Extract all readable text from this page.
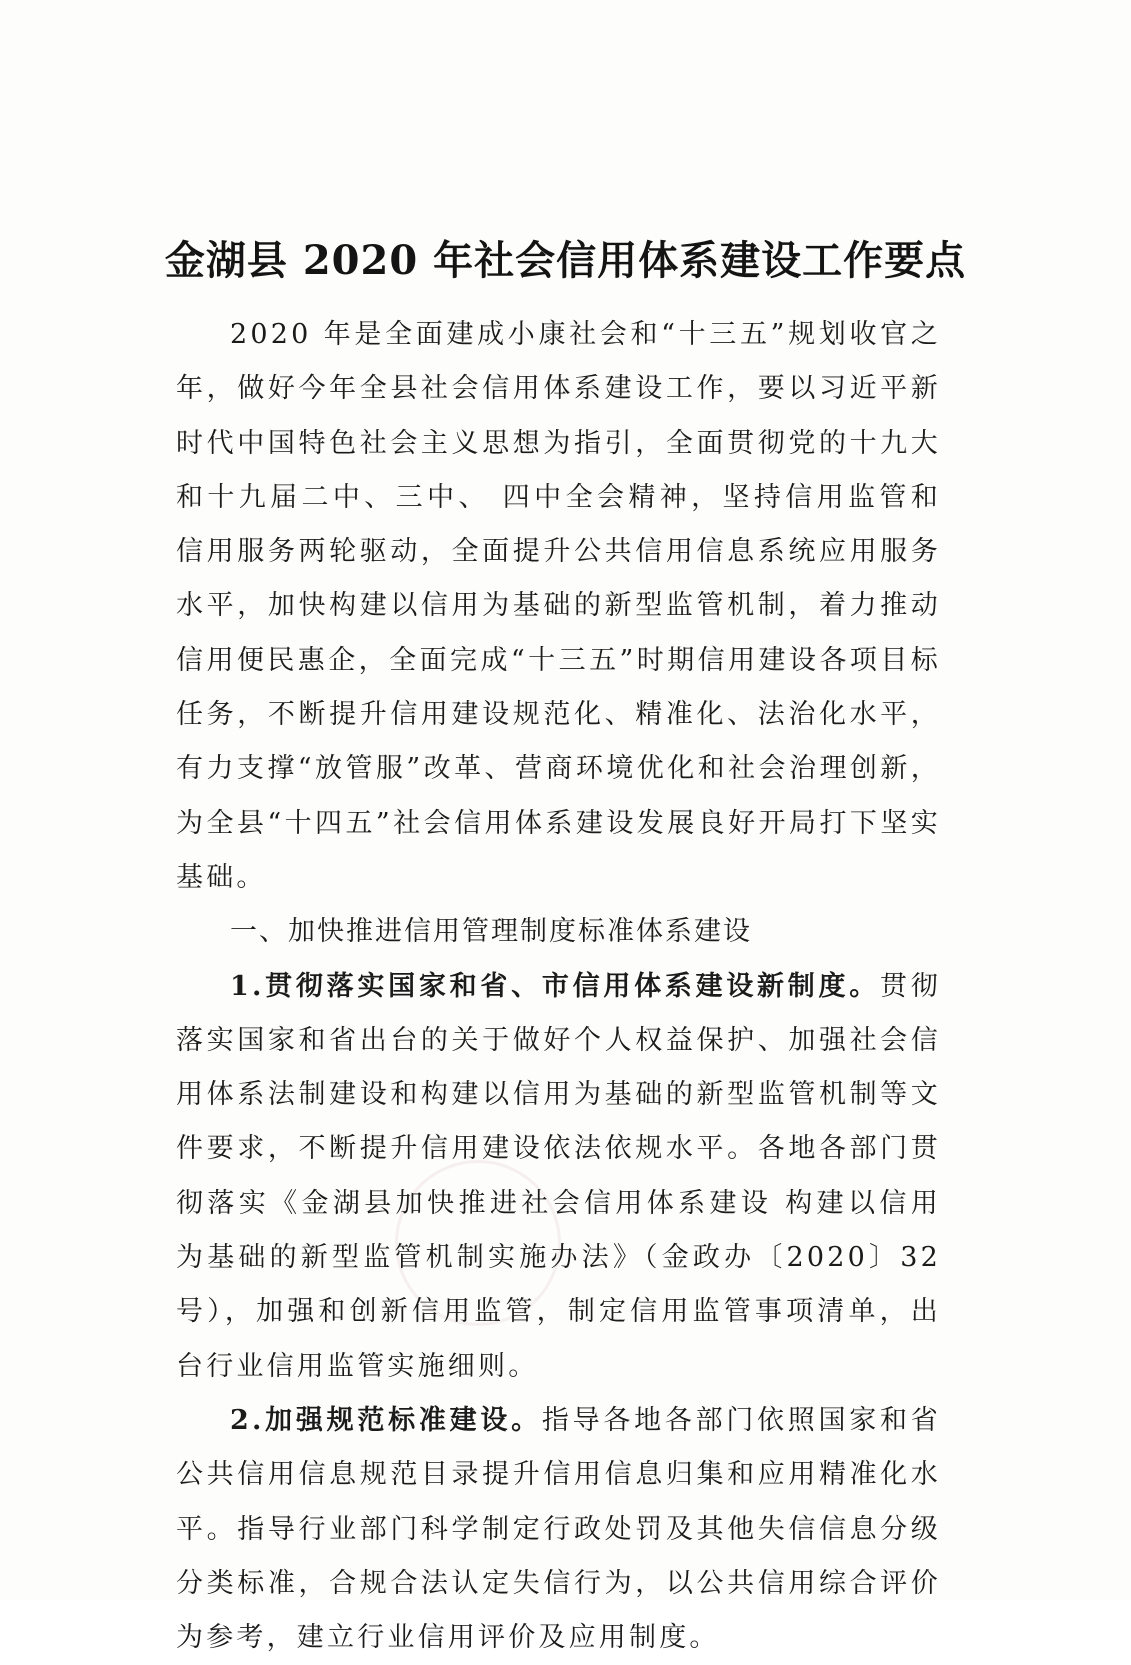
金湖县 2020 年社会信用体系建设工作要点

2020 年是全面建成小康社会和“十三五”规划收官之年，做好今年全县社会信用体系建设工作，要以习近平新时代中国特色社会主义思想为指引，全面贯彻党的十九大和十九届二中、三中、 四中全会精神，坚持信用监管和信用服务两轮驱动，全面提升公共信用信息系统应用服务水平，加快构建以信用为基础的新型监管机制，着力推动信用便民惠企，全面完成“十三五”时期信用建设各项目标任务，不断提升信用建设规范化、精准化、法治化水平，有力支撑“放管服”改革、营商环境优化和社会治理创新，为全县“十四五”社会信用体系建设发展良好开局打下坚实基础。

一、加快推进信用管理制度标准体系建设

1.贯彻落实国家和省、市信用体系建设新制度。贯彻落实国家和省出台的关于做好个人权益保护、加强社会信用体系法制建设和构建以信用为基础的新型监管机制等文件要求，不断提升信用建设依法依规水平。各地各部门贯彻落实《金湖县加快推进社会信用体系建设 构建以信用为基础的新型监管机制实施办法》（金政办〔2020〕32 号），加强和创新信用监管，制定信用监管事项清单，出台行业信用监管实施细则。

2.加强规范标准建设。指导各地各部门依照国家和省公共信用信息规范目录提升信用信息归集和应用精准化水平。指导行业部门科学制定行政处罚及其他失信信息分级分类标准，合规合法认定失信行为，以公共信用综合评价为参考，建立行业信用评价及应用制度。
